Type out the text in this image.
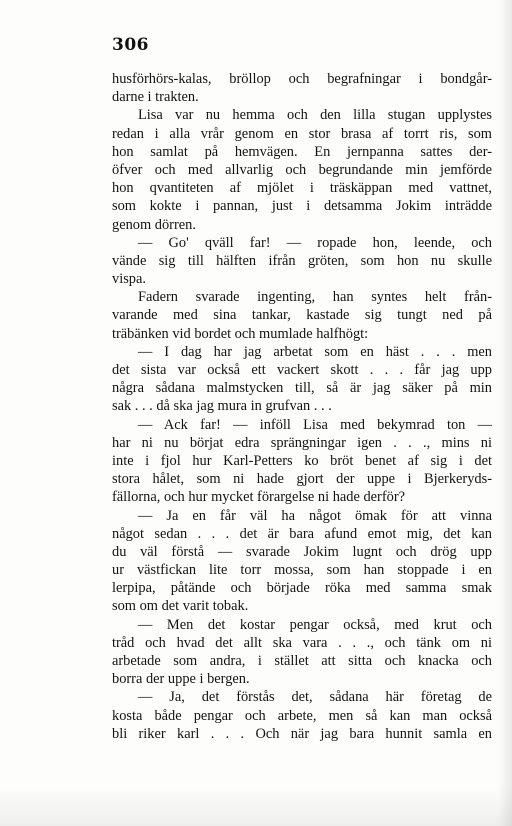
306
husförhörs-kalas, bröllop och begrafningar i bondgår-
darne i trakten.
Lisa var nu hemma och den lilla stugan upplystes
redan i alla vrår genom en stor brasa af torrt ris, som
hon samlat på hemvägen. En jernpanna sattes der-
öfver och med allvarlig och begrundande min jemförde
hon qvantiteten af mjölet i träskäppan med vattnet,
som kokte i pannan, just i detsamma Jokim inträdde
genom dörren.
— Go' qväll far! — ropade hon, leende, och
vände sig till hälften ifrån gröten, som hon nu skulle
vispa.
Fadern svarade ingenting, han syntes helt från-
varande med sina tankar, kastade sig tungt ned på
träbänken vid bordet och mumlade halfhögt:
— I dag har jag arbetat som en häst . . . men
det sista var också ett vackert skott . . . får jag upp
några sådana malmstycken till, så är jag säker på min
sak . . . då ska jag mura in grufvan . . .
— Ack far! — inföll Lisa med bekymrad ton —
har ni nu börjat edra sprängningar igen . . ., mins ni
inte i fjol hur Karl-Petters ko bröt benet af sig i det
stora hålet, som ni hade gjort der uppe i Bjerkeryds-
fällorna, och hur mycket förargelse ni hade derför?
— Ja en får väl ha något ömak för att vinna
något sedan . . . det är bara afund emot mig, det kan
du väl förstå — svarade Jokim lugnt och drög upp
ur västfickan lite torr mossa, som han stoppade i en
lerpipa, påtände och började röka med samma smak
som om det varit tobak.
— Men det kostar pengar också, med krut och
tråd och hvad det allt ska vara . . ., och tänk om ni
arbetade som andra, i stället att sitta och knacka och
borra der uppe i bergen.
— Ja, det förstås det, sådana här företag de
kosta både pengar och arbete, men så kan man också
bli riker karl . . . Och när jag bara hunnit samla en
